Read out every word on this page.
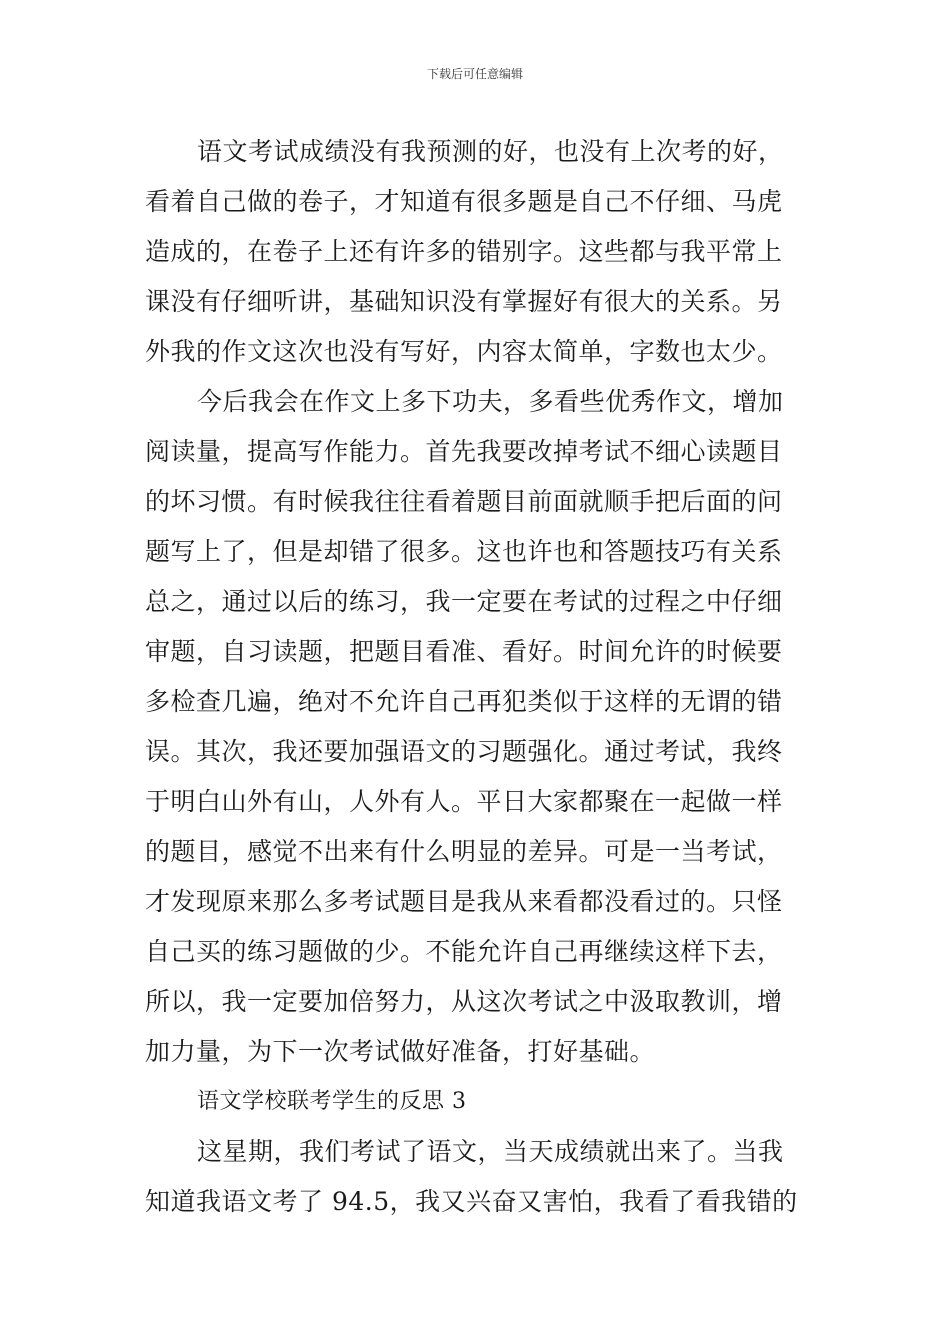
下载后可任意编辑
语文考试成绩没有我预测的好，也没有上次考的好，
看着自己做的卷子，才知道有很多题是自己不仔细、马虎
造成的，在卷子上还有许多的错别字。这些都与我平常上
课没有仔细听讲，基础知识没有掌握好有很大的关系。另
外我的作文这次也没有写好，内容太简单，字数也太少。
今后我会在作文上多下功夫，多看些优秀作文，增加
阅读量，提高写作能力。首先我要改掉考试不细心读题目
的坏习惯。有时候我往往看着题目前面就顺手把后面的问
题写上了，但是却错了很多。这也许也和答题技巧有关系
总之，通过以后的练习，我一定要在考试的过程之中仔细
审题，自习读题，把题目看准、看好。时间允许的时候要
多检查几遍，绝对不允许自己再犯类似于这样的无谓的错
误。其次，我还要加强语文的习题强化。通过考试，我终
于明白山外有山，人外有人。平日大家都聚在一起做一样
的题目，感觉不出来有什么明显的差异。可是一当考试，
才发现原来那么多考试题目是我从来看都没看过的。只怪
自己买的练习题做的少。不能允许自己再继续这样下去，
所以，我一定要加倍努力，从这次考试之中汲取教训，增
加力量，为下一次考试做好准备，打好基础。
语文学校联考学生的反思 3
这星期，我们考试了语文，当天成绩就出来了。当我
知道我语文考了 94.5，我又兴奋又害怕，我看了看我错的
